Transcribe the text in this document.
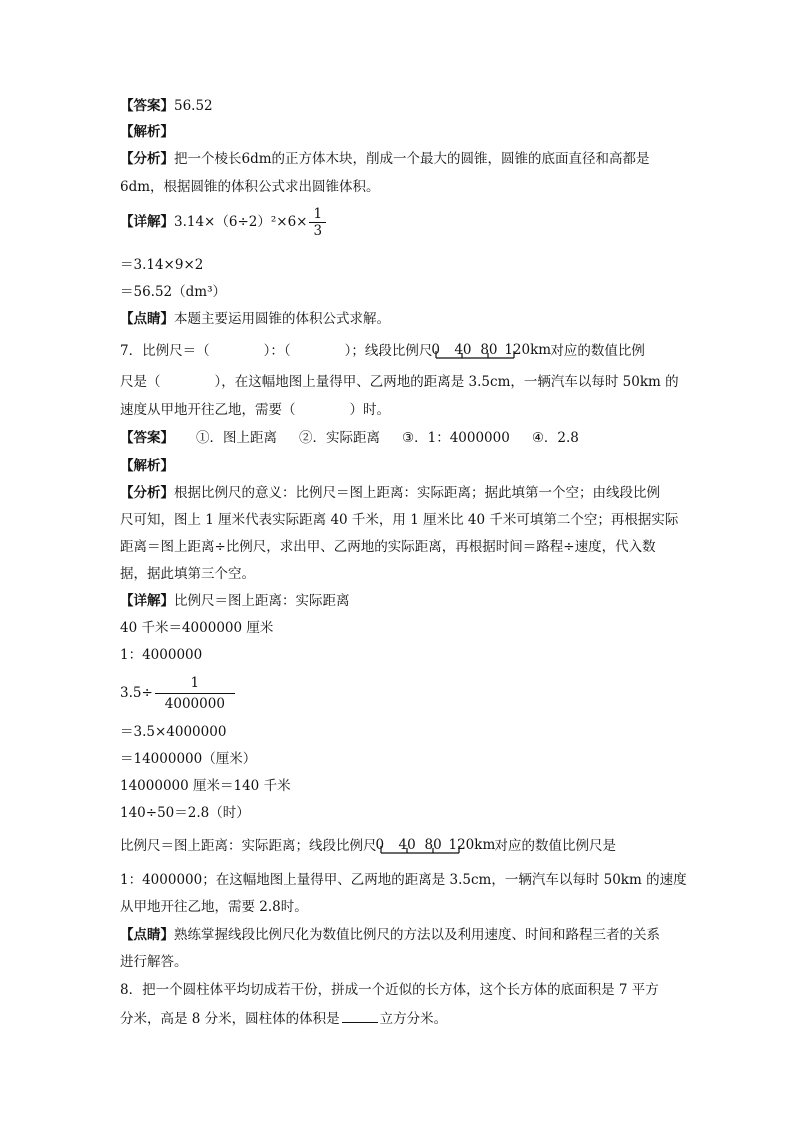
【答案】56.52
【解析】
【分析】把一个棱长6dm的正方体木块，削成一个最大的圆锥，圆锥的底面直径和高都是
6dm，根据圆锥的体积公式求出圆锥体积。
【详解】$3.14\times(6\div 2)^2\times 6\times \frac{1}{3}$
＝3.14×9×2
＝56.52（dm³）
【点睛】本题主要运用圆锥的体积公式求解。
7．比例尺＝（　　　　）：（　　　　）；线段比例尺 0 40 80 120km 对应的数值比例
尺是（　　　　），在这幅地图上量得甲、乙两地的距离是 3.5cm，一辆汽车以每时 50km 的
速度从甲地开往乙地，需要（　　　　）时。
【答案】 ①．图上距离 ②．实际距离 ③．1：4000000 ④．2.8
【解析】
【分析】根据比例尺的意义：比例尺＝图上距离：实际距离；据此填第一个空；由线段比例
尺可知，图上 1 厘米代表实际距离 40 千米，用 1 厘米比 40 千米可填第二个空；再根据实际
距离＝图上距离÷比例尺，求出甲、乙两地的实际距离，再根据时间＝路程÷速度，代入数
据，据此填第三个空。
【详解】比例尺＝图上距离：实际距离
40 千米＝4000000 厘米
1：4000000
$3.5\div \frac{1}{4000000}$
＝3.5×4000000
＝14000000（厘米）
14000000 厘米＝140 千米
140÷50＝2.8（时）
比例尺＝图上距离：实际距离；线段比例尺 0 40 80 120km 对应的数值比例尺是
1：4000000；在这幅地图上量得甲、乙两地的距离是 3.5cm，一辆汽车以每时 50km 的速度
从甲地开往乙地，需要 2.8时。
【点睛】熟练掌握线段比例尺化为数值比例尺的方法以及利用速度、时间和路程三者的关系
进行解答。
8．把一个圆柱体平均切成若干份，拼成一个近似的长方体，这个长方体的底面积是 7 平方
分米，高是 8 分米，圆柱体的体积是	立方分米。
